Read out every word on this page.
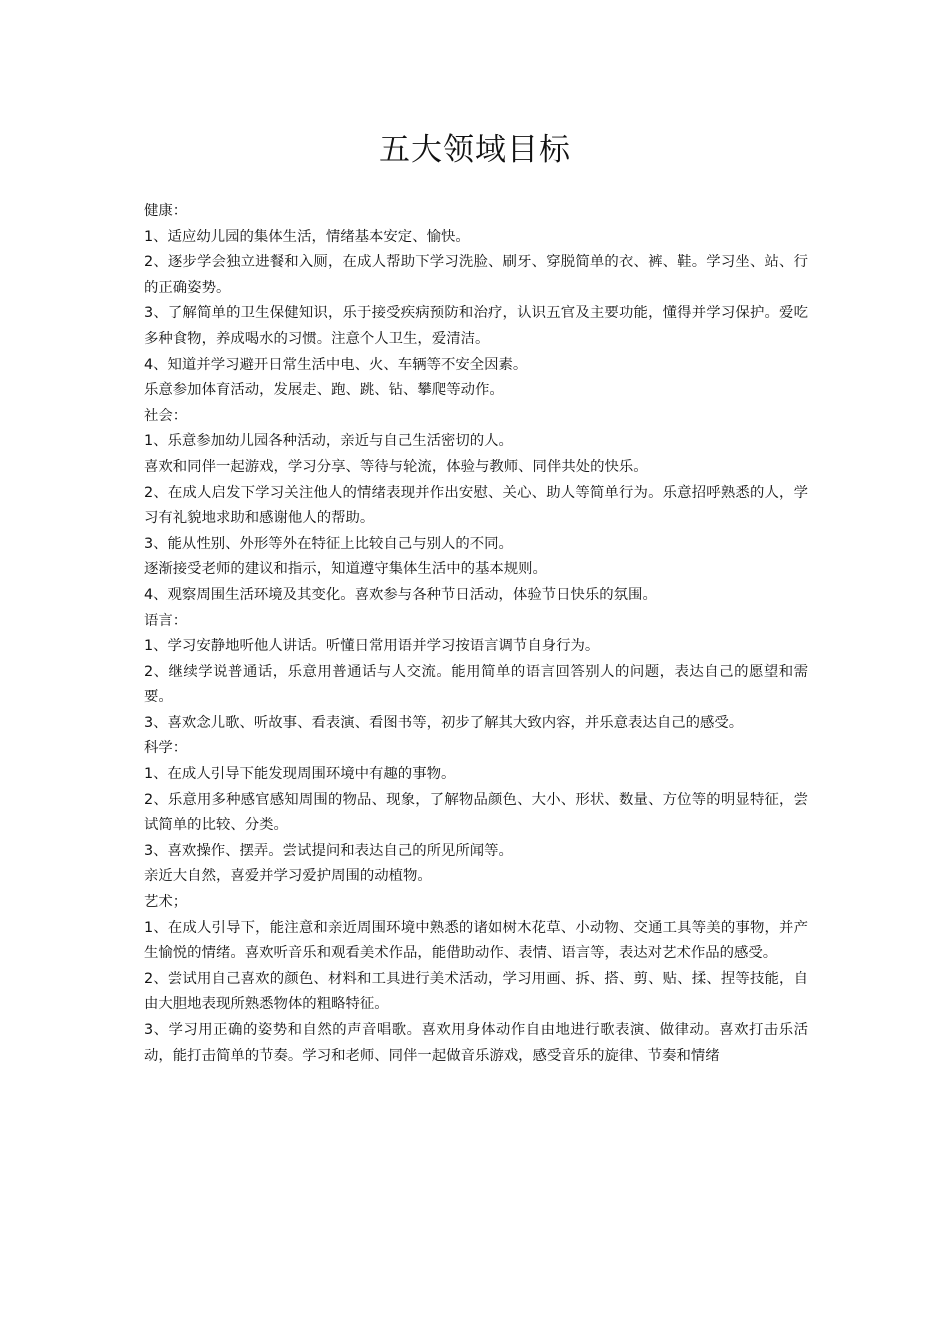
五大领域目标

健康：

1、适应幼儿园的集体生活，情绪基本安定、愉快。

2、逐步学会独立进餐和入厕，在成人帮助下学习洗脸、刷牙、穿脱简单的衣、裤、鞋。学习坐、站、行的正确姿势。

3、了解简单的卫生保健知识，乐于接受疾病预防和治疗，认识五官及主要功能，懂得并学习保护。爱吃多种食物，养成喝水的习惯。注意个人卫生，爱清洁。

4、知道并学习避开日常生活中电、火、车辆等不安全因素。

乐意参加体育活动，发展走、跑、跳、钻、攀爬等动作。

社会：

1、乐意参加幼儿园各种活动，亲近与自己生活密切的人。

喜欢和同伴一起游戏，学习分享、等待与轮流，体验与教师、同伴共处的快乐。

2、在成人启发下学习关注他人的情绪表现并作出安慰、关心、助人等简单行为。乐意招呼熟悉的人，学习有礼貌地求助和感谢他人的帮助。

3、能从性别、外形等外在特征上比较自己与别人的不同。

逐渐接受老师的建议和指示，知道遵守集体生活中的基本规则。

4、观察周围生活环境及其变化。喜欢参与各种节日活动，体验节日快乐的氛围。

语言：

1、学习安静地听他人讲话。听懂日常用语并学习按语言调节自身行为。

2、继续学说普通话，乐意用普通话与人交流。能用简单的语言回答别人的问题，表达自己的愿望和需要。

3、喜欢念儿歌、听故事、看表演、看图书等，初步了解其大致内容，并乐意表达自己的感受。

科学：

1、在成人引导下能发现周围环境中有趣的事物。

2、乐意用多种感官感知周围的物品、现象，了解物品颜色、大小、形状、数量、方位等的明显特征，尝试简单的比较、分类。

3、喜欢操作、摆弄。尝试提问和表达自己的所见所闻等。

亲近大自然，喜爱并学习爱护周围的动植物。

艺术；

1、在成人引导下，能注意和亲近周围环境中熟悉的诸如树木花草、小动物、交通工具等美的事物，并产生愉悦的情绪。喜欢听音乐和观看美术作品，能借助动作、表情、语言等，表达对艺术作品的感受。

2、尝试用自己喜欢的颜色、材料和工具进行美术活动，学习用画、拆、搭、剪、贴、揉、捏等技能，自由大胆地表现所熟悉物体的粗略特征。

3、学习用正确的姿势和自然的声音唱歌。喜欢用身体动作自由地进行歌表演、做律动。喜欢打击乐活动，能打击简单的节奏。学习和老师、同伴一起做音乐游戏，感受音乐的旋律、节奏和情绪
